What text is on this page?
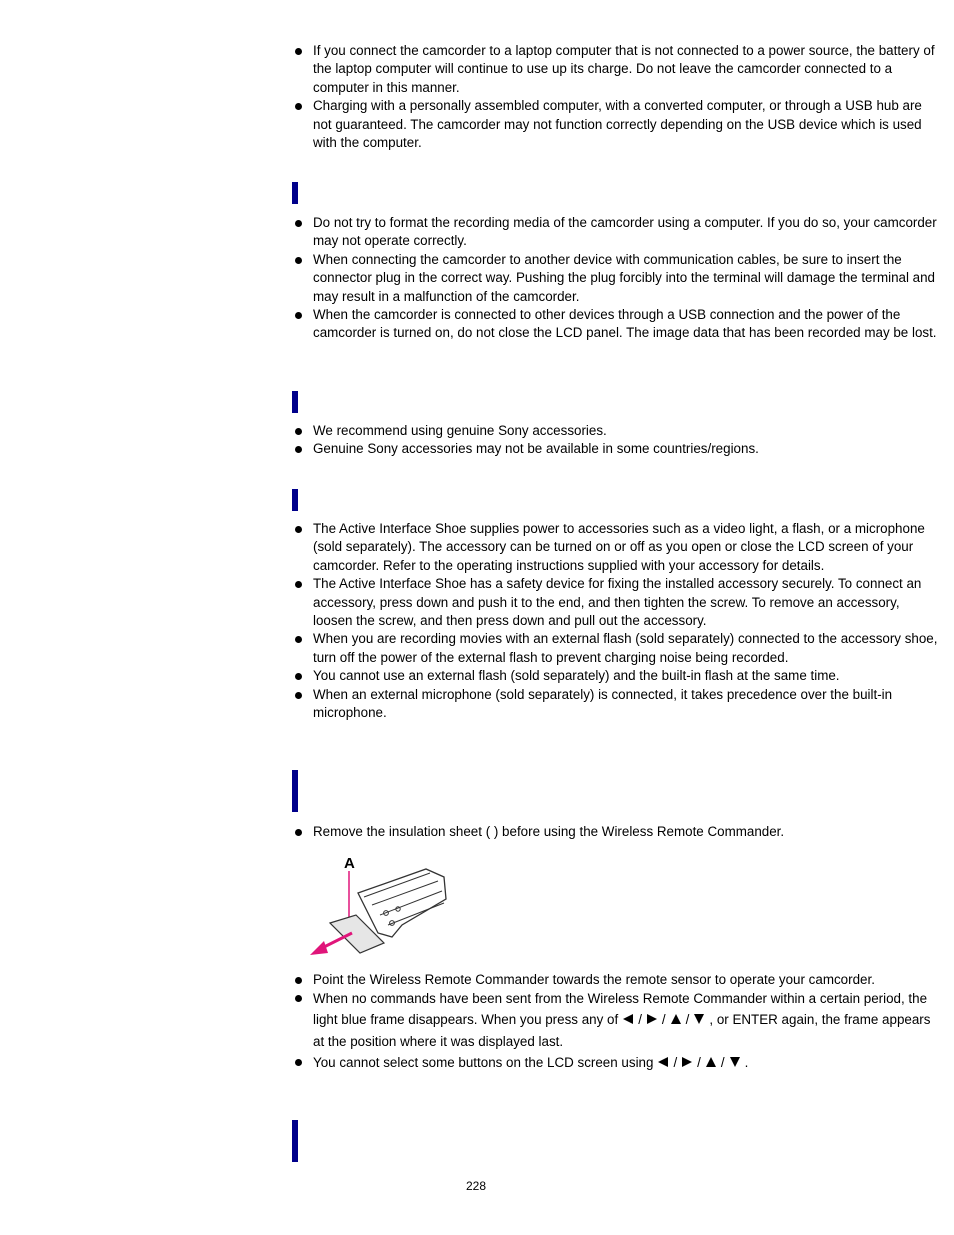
If you connect the camcorder to a laptop computer that is not connected to a power source, the battery of the laptop computer will continue to use up its charge. Do not leave the camcorder connected to a computer in this manner.
Charging with a personally assembled computer, with a converted computer, or through a USB hub are not guaranteed. The camcorder may not function correctly depending on the USB device which is used with the computer.
Do not try to format the recording media of the camcorder using a computer. If you do so, your camcorder may not operate correctly.
When connecting the camcorder to another device with communication cables, be sure to insert the connector plug in the correct way. Pushing the plug forcibly into the terminal will damage the terminal and may result in a malfunction of the camcorder.
When the camcorder is connected to other devices through a USB connection and the power of the camcorder is turned on, do not close the LCD panel. The image data that has been recorded may be lost.
We recommend using genuine Sony accessories.
Genuine Sony accessories may not be available in some countries/regions.
The Active Interface Shoe supplies power to accessories such as a video light, a flash, or a microphone (sold separately). The accessory can be turned on or off as you open or close the LCD screen of your camcorder. Refer to the operating instructions supplied with your accessory for details.
The Active Interface Shoe has a safety device for fixing the installed accessory securely. To connect an accessory, press down and push it to the end, and then tighten the screw. To remove an accessory, loosen the screw, and then press down and pull out the accessory.
When you are recording movies with an external flash (sold separately) connected to the accessory shoe, turn off the power of the external flash to prevent charging noise being recorded.
You cannot use an external flash (sold separately) and the built-in flash at the same time.
When an external microphone (sold separately) is connected, it takes precedence over the built-in microphone.
Remove the insulation sheet ( ) before using the Wireless Remote Commander.
A
Point the Wireless Remote Commander towards the remote sensor to operate your camcorder.
When no commands have been sent from the Wireless Remote Commander within a certain period, the light blue frame disappears. When you press any of / / / , or ENTER again, the frame appears at the position where it was displayed last.
You cannot select some buttons on the LCD screen using / / / .
228
